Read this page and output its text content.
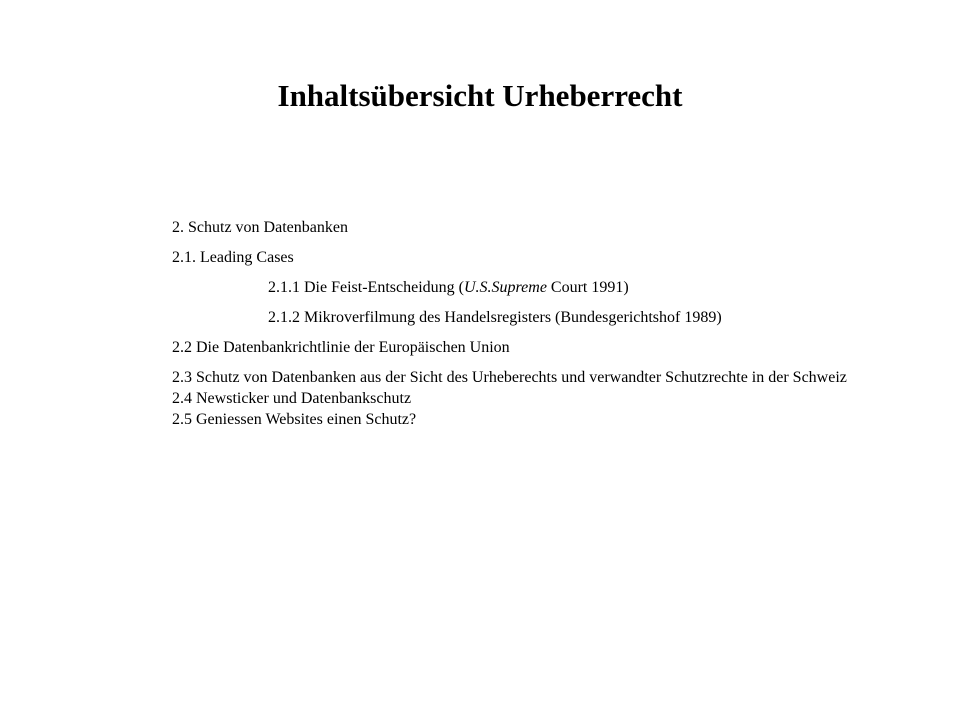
Inhaltsübersicht Urheberrecht

2. Schutz von Datenbanken

2.1. Leading Cases

2.1.1 Die Feist-Entscheidung (U.S.Supreme Court 1991)

2.1.2 Mikroverfilmung des Handelsregisters (Bundesgerichtshof 1989)

2.2 Die Datenbankrichtlinie der Europäischen Union

2.3 Schutz von Datenbanken aus der Sicht des Urheberechts und verwandter Schutzrechte in der Schweiz

2.4 Newsticker und Datenbankschutz

2.5 Geniessen Websites einen Schutz?
